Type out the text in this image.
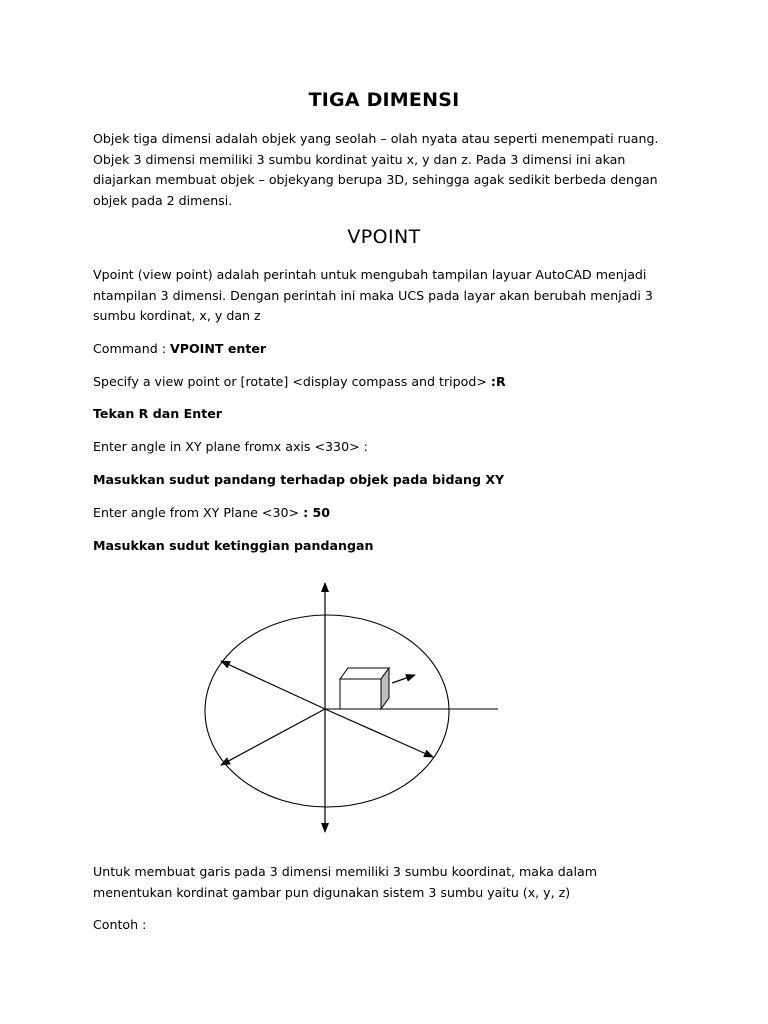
TIGA DIMENSI
Objek tiga dimensi adalah objek yang seolah – olah nyata atau seperti menempati ruang.
Objek 3 dimensi memiliki 3 sumbu kordinat yaitu x, y dan z. Pada 3 dimensi ini akan
diajarkan membuat objek – objekyang berupa 3D, sehingga agak sedikit berbeda dengan
objek pada 2 dimensi.
VPOINT
Vpoint (view point) adalah perintah untuk mengubah tampilan layuar AutoCAD menjadi
ntampilan 3 dimensi. Dengan perintah ini maka UCS pada layar akan berubah menjadi 3
sumbu kordinat, x, y dan z
Command : VPOINT enter
Specify a view point or [rotate] <display compass and tripod> :R
Tekan R dan Enter
Enter angle in XY plane fromx axis <330> :
Masukkan sudut pandang terhadap objek pada bidang XY
Enter angle from XY Plane <30> : 50
Masukkan sudut ketinggian pandangan
Untuk membuat garis pada 3 dimensi memiliki 3 sumbu koordinat, maka dalam
menentukan kordinat gambar pun digunakan sistem 3 sumbu yaitu (x, y, z)
Contoh :
